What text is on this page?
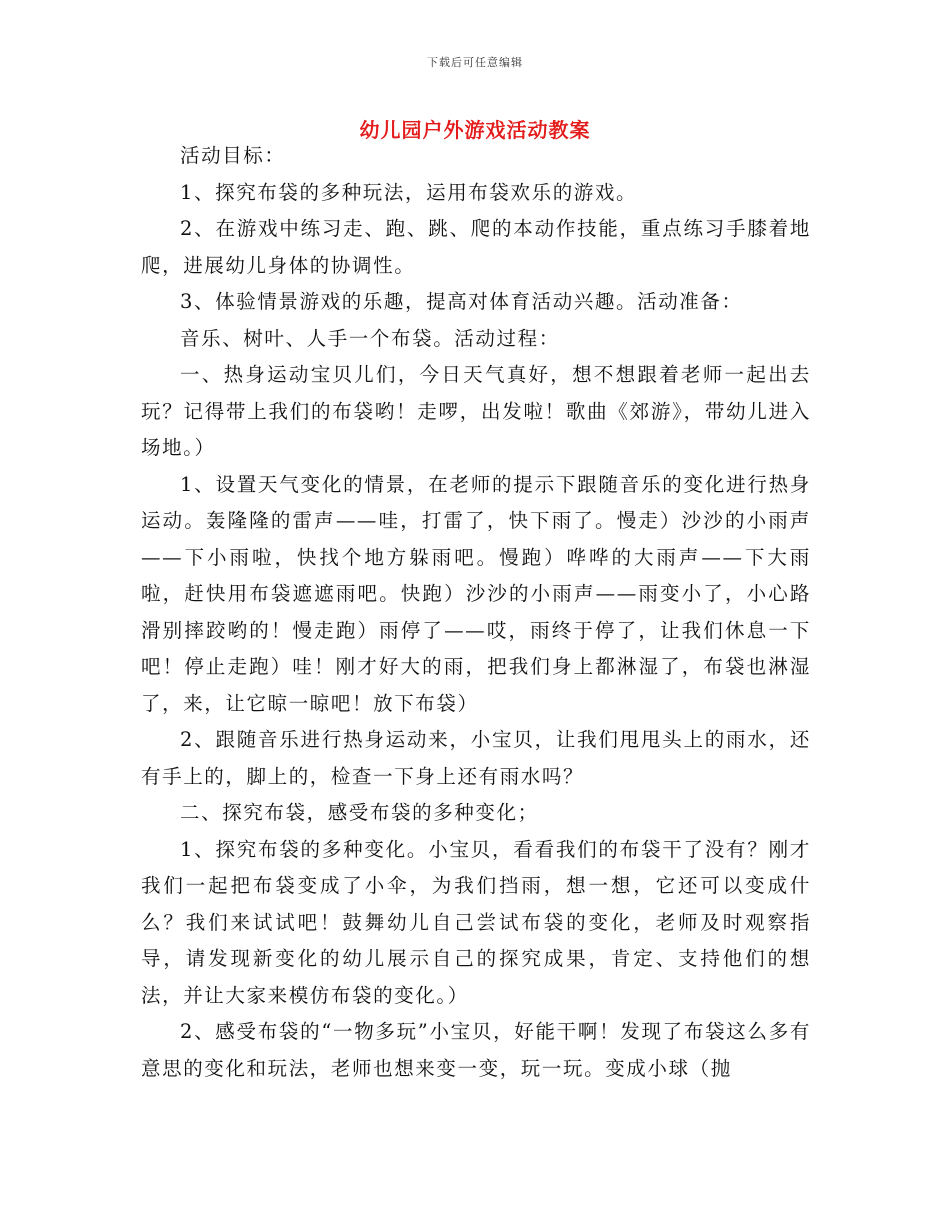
下载后可任意编辑
幼儿园户外游戏活动教案

活动目标：

1、探究布袋的多种玩法，运用布袋欢乐的游戏。

2、在游戏中练习走、跑、跳、爬的本动作技能，重点练习手膝着地爬，进展幼儿身体的协调性。

3、体验情景游戏的乐趣，提高对体育活动兴趣。活动准备：

音乐、树叶、人手一个布袋。活动过程：

一、热身运动宝贝儿们，今日天气真好，想不想跟着老师一起出去玩？记得带上我们的布袋哟！走啰，出发啦！歌曲《郊游》，带幼儿进入场地。）

1、设置天气变化的情景，在老师的提示下跟随音乐的变化进行热身运动。轰隆隆的雷声——哇，打雷了，快下雨了。慢走）沙沙的小雨声——下小雨啦，快找个地方躲雨吧。慢跑）哗哗的大雨声——下大雨啦，赶快用布袋遮遮雨吧。快跑）沙沙的小雨声——雨变小了，小心路滑别摔跤哟的！慢走跑）雨停了——哎，雨终于停了，让我们休息一下吧！停止走跑）哇！刚才好大的雨，把我们身上都淋湿了，布袋也淋湿了，来，让它晾一晾吧！放下布袋）

2、跟随音乐进行热身运动来，小宝贝，让我们甩甩头上的雨水，还有手上的，脚上的，检查一下身上还有雨水吗？

二、探究布袋，感受布袋的多种变化；

1、探究布袋的多种变化。小宝贝，看看我们的布袋干了没有？刚才我们一起把布袋变成了小伞，为我们挡雨，想一想，它还可以变成什么？我们来试试吧！鼓舞幼儿自己尝试布袋的变化，老师及时观察指导，请发现新变化的幼儿展示自己的探究成果，肯定、支持他们的想法，并让大家来模仿布袋的变化。）

2、感受布袋的“一物多玩”小宝贝，好能干啊！发现了布袋这么多有意思的变化和玩法，老师也想来变一变，玩一玩。变成小球（抛
